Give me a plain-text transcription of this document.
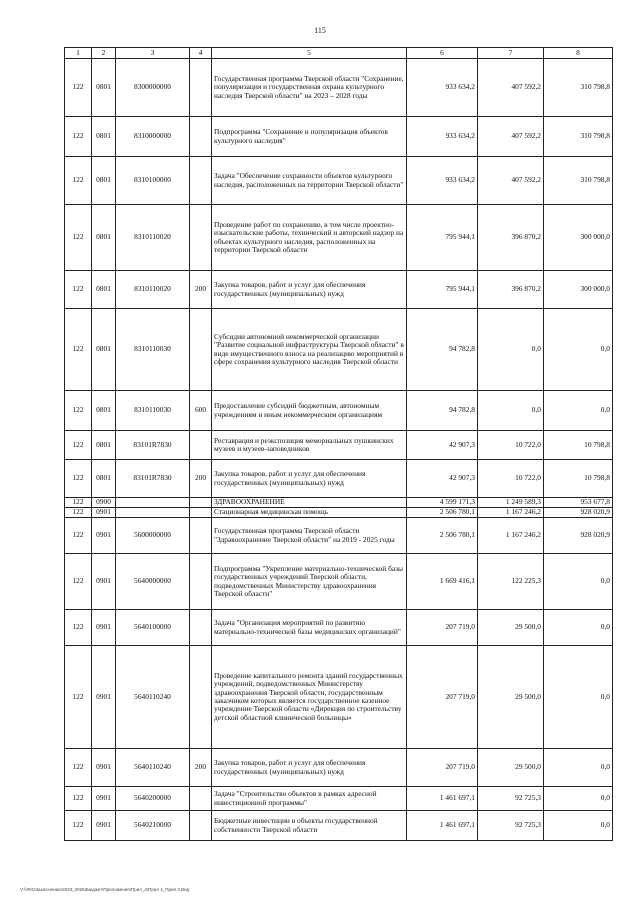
115
1	2	3	4	5	6	7	8
122	0801	8300000000		Государственная программа Тверской области "Сохранение, популяризация и государственная охрана культурного наследия Тверской области" на 2023 – 2028 годы	933 634,2	407 592,2	310 798,8
122	0801	8310000000		Подпрограмма "Сохранение и популяризация объектов культурного наследия"	933 634,2	407 592,2	310 798,8
122	0801	8310100000		Задача "Обеспечение сохранности объектов культурного наследия, расположенных на территории Тверской области"	933 634,2	407 592,2	310 798,8
122	0801	8310110020		Проведение работ по сохранению, в том числе проектно-изыскательские работы, технический и авторский надзор на объектах культурного наследия, расположенных на территории Тверской области	795 944,1	396 870,2	300 000,0
122	0801	8310110020	200	Закупка товаров, работ и услуг для обеспечения государственных (муниципальных) нужд	795 944,1	396 870,2	300 000,0
122	0801	8310110030		Субсидии автономной некоммерческой организации "Развитие социальной инфраструктуры Тверской области" в виде имущественного взноса на реализацию мероприятий в сфере сохранения культурного наследия Тверской области	94 782,8	0,0	0,0
122	0801	8310110030	600	Предоставление субсидий бюджетным, автономным учреждениям и иным некоммерческим организациям	94 782,8	0,0	0,0
122	0801	83101R7830		Реставрация и реэкспозиция мемориальных пушкинских музеев и музеев-заповедников	42 907,3	10 722,0	10 798,8
122	0801	83101R7830	200	Закупка товаров, работ и услуг для обеспечения государственных (муниципальных) нужд	42 907,3	10 722,0	10 798,8
122	0900			ЗДРАВООХРАНЕНИЕ	4 599 171,3	1 249 589,3	953 677,8
122	0901			Стационарная медицинская помощь	2 506 780,1	1 167 246,2	928 020,9
122	0901	5600000000		Государственная программа Тверской области "Здравоохранение Тверской области" на 2019 - 2025 годы	2 506 780,1	1 167 246,2	928 020,9
122	0901	5640000000		Подпрограмма "Укрепление материально-технической базы государственных учреждений Тверской области, подведомственных Министерству здравоохранения Тверской области"	1 669 416,1	122 225,3	0,0
122	0901	5640100000		Задача "Организация мероприятий по развитию материально-технической базы медицинских организаций"	207 719,0	29 500,0	0,0
122	0901	5640110240		Проведение капитального ремонта зданий государственных учреждений, подведомственных Министерству здравоохранения Тверской области, государственным заказчиком которых является государственное казенное учреждение Тверской области «Дирекция по строительству детской областной клинической больницы»	207 719,0	29 500,0	0,0
122	0901	5640110240	200	Закупка товаров, работ и услуг для обеспечения государственных (муниципальных) нужд	207 719,0	29 500,0	0,0
122	0901	5640200000		Задача "Строительство объектов в рамках адресной инвестиционной программы"	1 461 697,1	92 725,3	0,0
122	0901	5640210000		Бюджетные инвестиции в объекты государственной собственности Тверской области	1 461 697,1	92 725,3	0,0
V:\\#01\Заключение\2023_2025\Бюджет\Приложения\Прил_4\Прил 4_Прил 3 Вед
